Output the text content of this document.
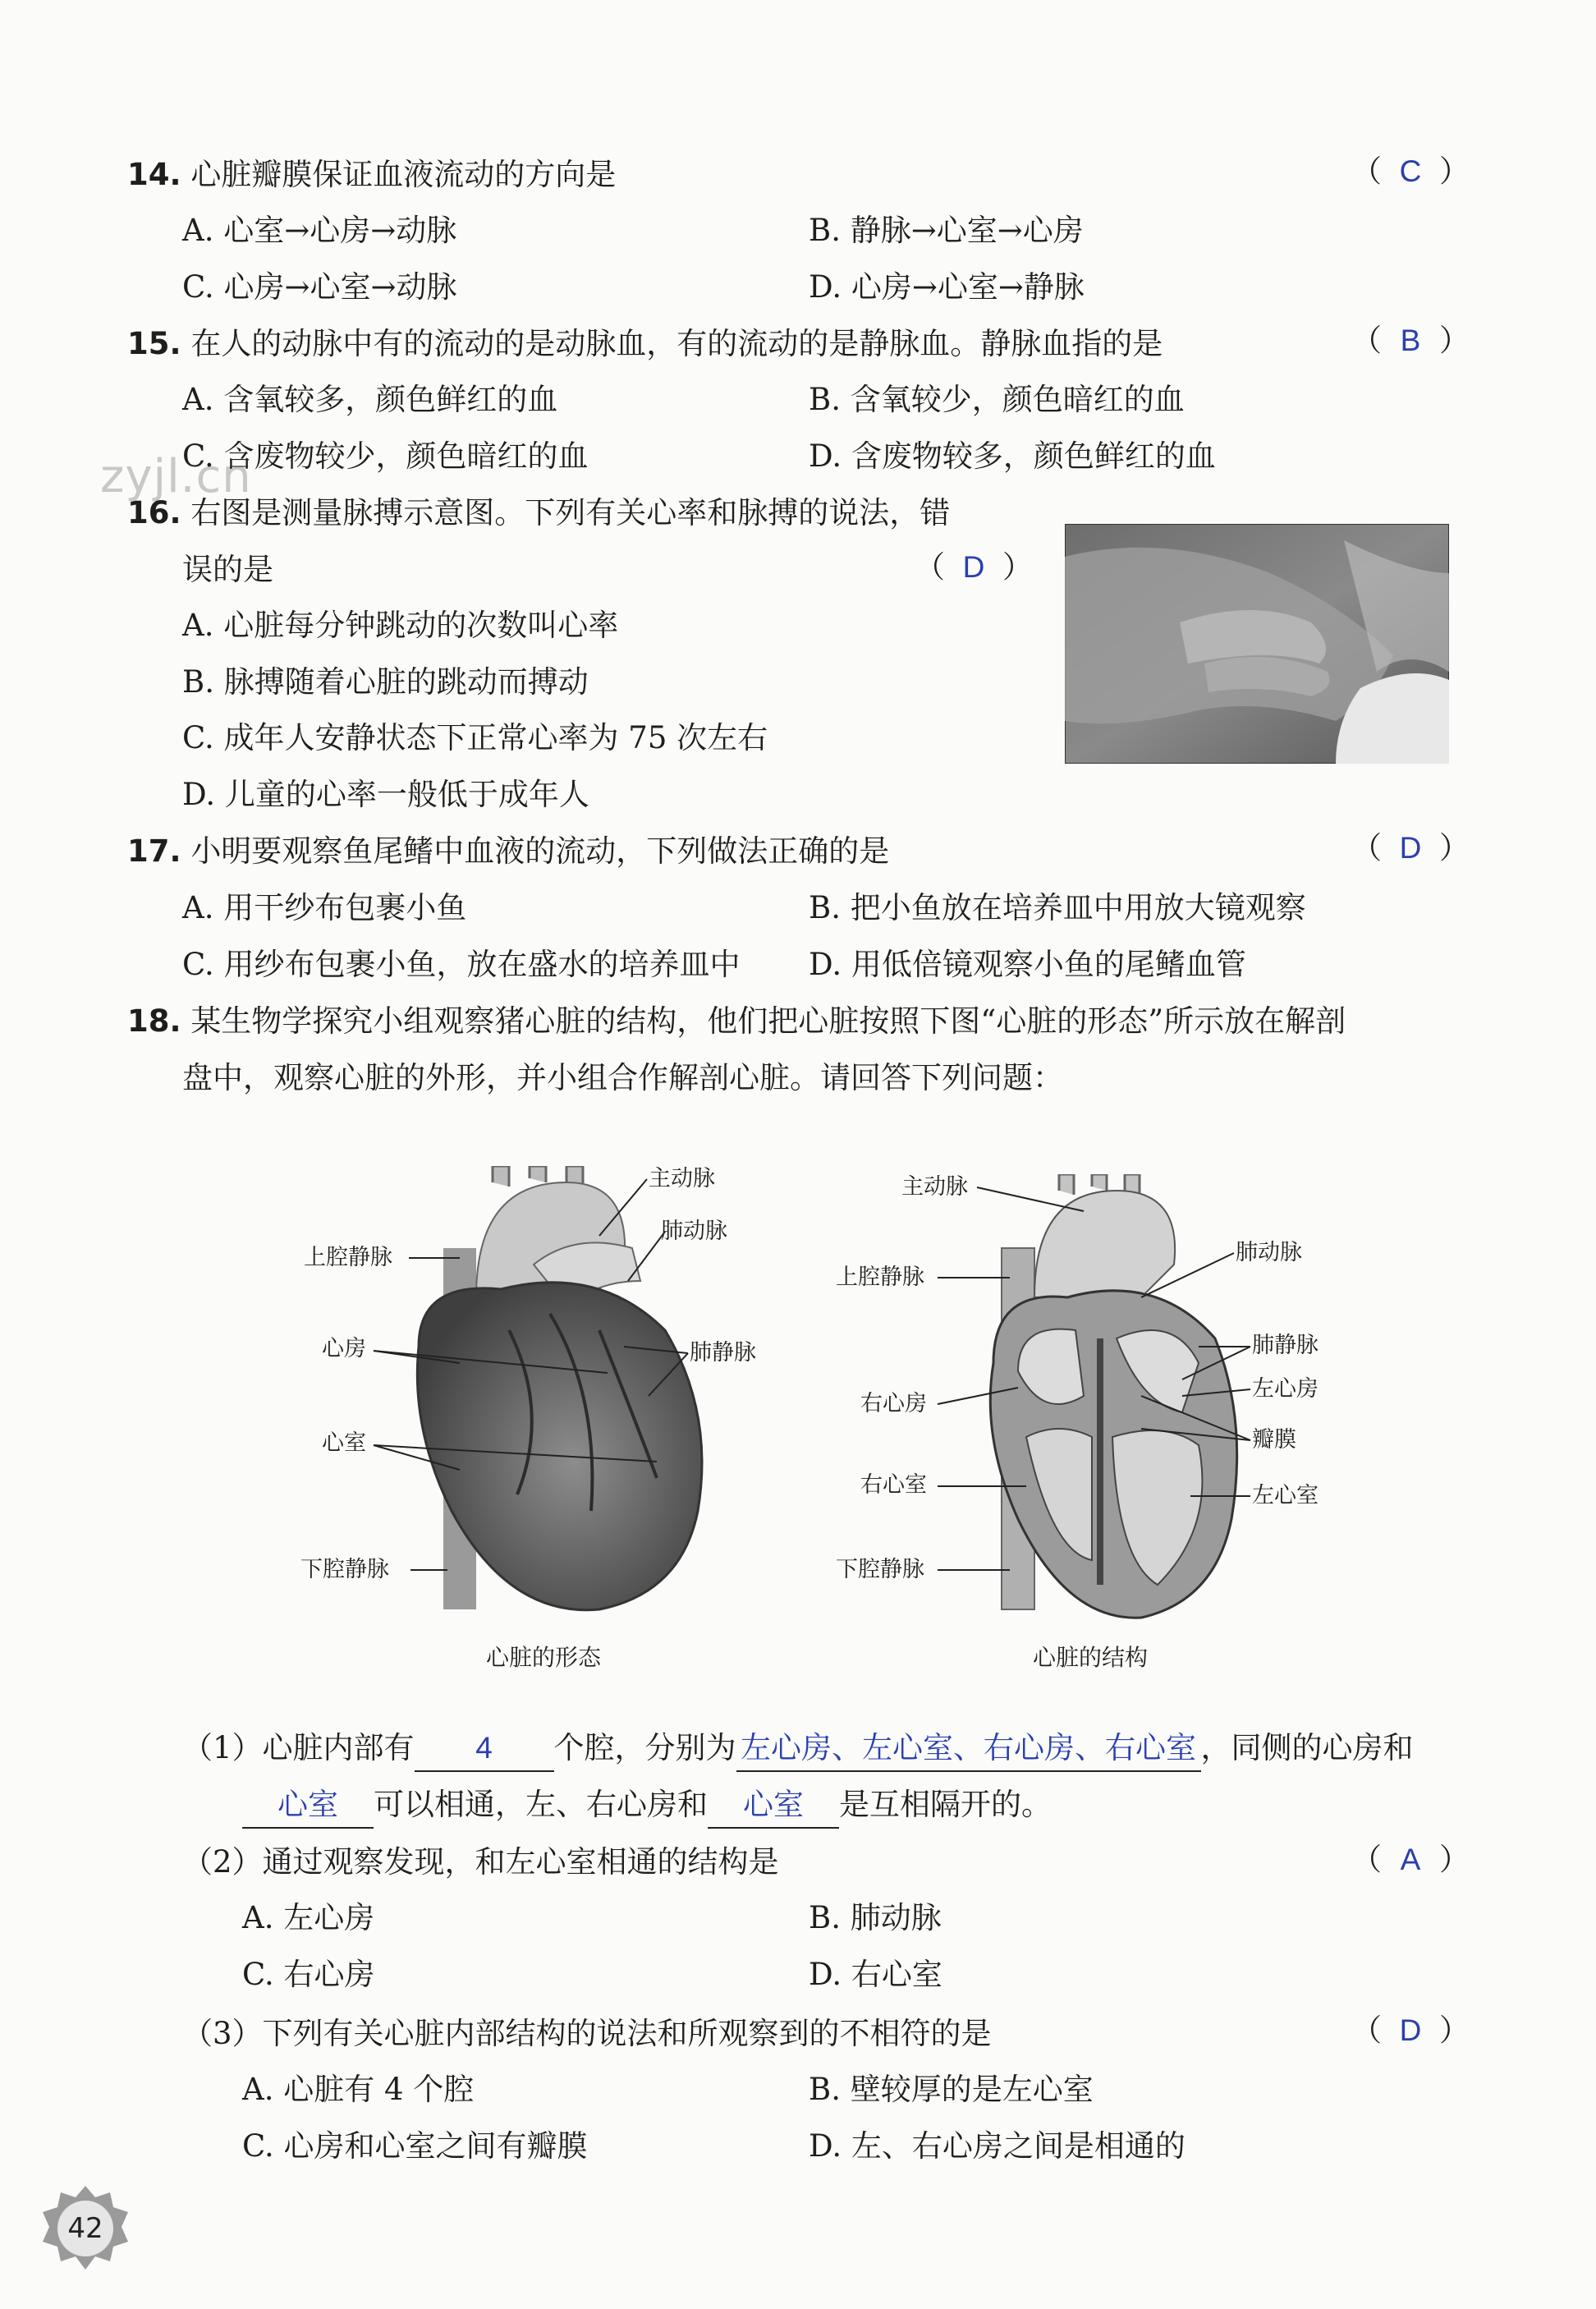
zyjl.cn
14. 心脏瓣膜保证血液流动的方向是	（ C ）
A. 心室→心房→动脉	B. 静脉→心室→心房
C. 心房→心室→动脉	D. 心房→心室→静脉
15. 在人的动脉中有的流动的是动脉血，有的流动的是静脉血。静脉血指的是	（ B ）
A. 含氧较多，颜色鲜红的血	B. 含氧较少，颜色暗红的血
C. 含废物较少，颜色暗红的血	D. 含废物较多，颜色鲜红的血
16. 右图是测量脉搏示意图。下列有关心率和脉搏的说法，错
误的是	（ D ）
A. 心脏每分钟跳动的次数叫心率
B. 脉搏随着心脏的跳动而搏动
C. 成年人安静状态下正常心率为 75 次左右
D. 儿童的心率一般低于成年人
17. 小明要观察鱼尾鳍中血液的流动，下列做法正确的是	（ D ）
A. 用干纱布包裹小鱼	B. 把小鱼放在培养皿中用放大镜观察
C. 用纱布包裹小鱼，放在盛水的培养皿中 D. 用低倍镜观察小鱼的尾鳍血管
18. 某生物学探究小组观察猪心脏的结构，他们把心脏按照下图“心脏的形态”所示放在解剖
盘中，观察心脏的外形，并小组合作解剖心脏。请回答下列问题：
主动脉
肺动脉
上腔静脉
心房	肺静脉
心室
下腔静脉
心脏的形态
主动脉
上腔静脉
肺动脉
肺静脉
左心房
右心房
瓣膜
右心室	左心室
下腔静脉
心脏的结构
（1）心脏内部有 4 个腔，分别为 左心房、左心室、右心房、右心室 ，同侧的心房和
心室 可以相通，左、右心房和 心室 是互相隔开的。
（2）通过观察发现，和左心室相通的结构是	（ A ）
A. 左心房	B. 肺动脉
C. 右心房	D. 右心室
（3）下列有关心脏内部结构的说法和所观察到的不相符的是	（ D ）
A. 心脏有 4 个腔	B. 壁较厚的是左心室
C. 心房和心室之间有瓣膜	D. 左、右心房之间是相通的
42
